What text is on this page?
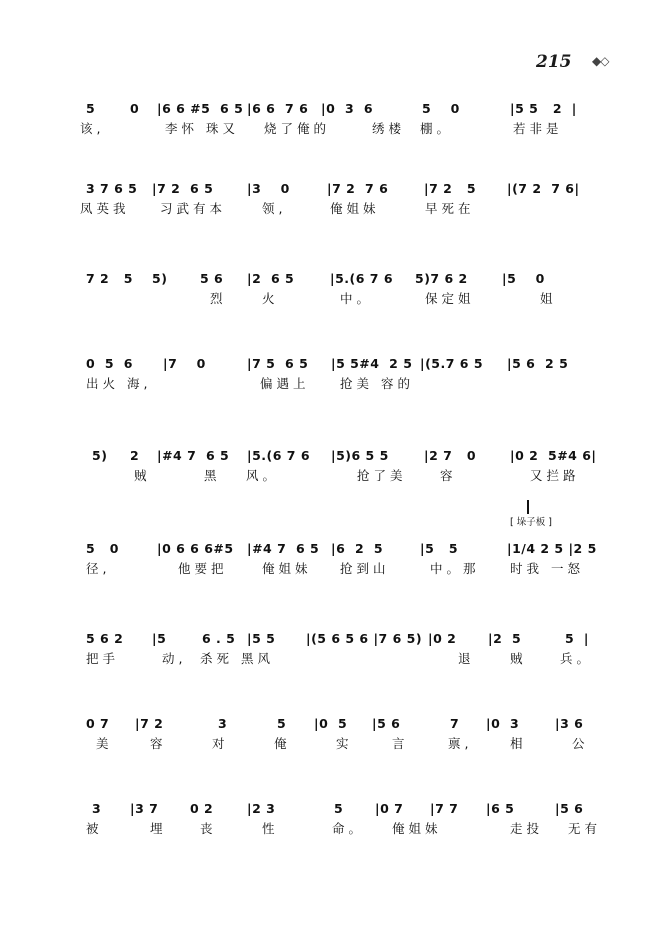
215 ◆◇
[ 垛子板 ]
5	0 |6 6 #5  6 5 |6 6  7 6 |0  3  6	5    0	|5 5   2  |
该,	李怀 珠又 烧了俺的	绣楼 棚。	若非是
3 7 6 5 |7 2  6 5	|3    0	|7 2  7 6	|7 2   5 |(7 2  7 6|
凤英我 习武有本	领,	俺姐妹	早死在
7 2   5 5)	5 6 |2  6 5	|5.(6 7 6 5)7 6 2	|5    0
烈	火	中。	保定姐	姐
0  5  6 |7    0	|7 5  6 5 |5 5#4  2 5 |(5.7 6 5 |5 6  2 5
出火 海,	偏遇上 抢美 容的
5) 2 |#4 7  6 5 |5.(6 7 6 |5)6 5 5	|2 7   0	|0 2  5#4 6|
贼	黑 风。	抢了美	容	又拦路
5   0	|0 6 6 6#5 |#4 7  6 5 |6  2  5	|5   5	|1/4 2 5 |2 5
径,	他要把	俺姐妹 抢到山	中。那 时我 一怒
5 6 2 |5	6 . 5 |5 5 |(5 6 5 6 |7 6 5) |0 2	|2  5	5  |
把手	动, 杀死 黑风	退	贼	兵。
0 7 |7 2	3	5 |0  5 |5 6	7 |0  3	|3 6
美	容	对	俺	实	言	禀,	相	公
3 |3 7	0 2	|2 3	5	|0 7 |7 7 |6 5	|5 6
被	埋	丧	性	命。 俺姐妹	走投 无有
